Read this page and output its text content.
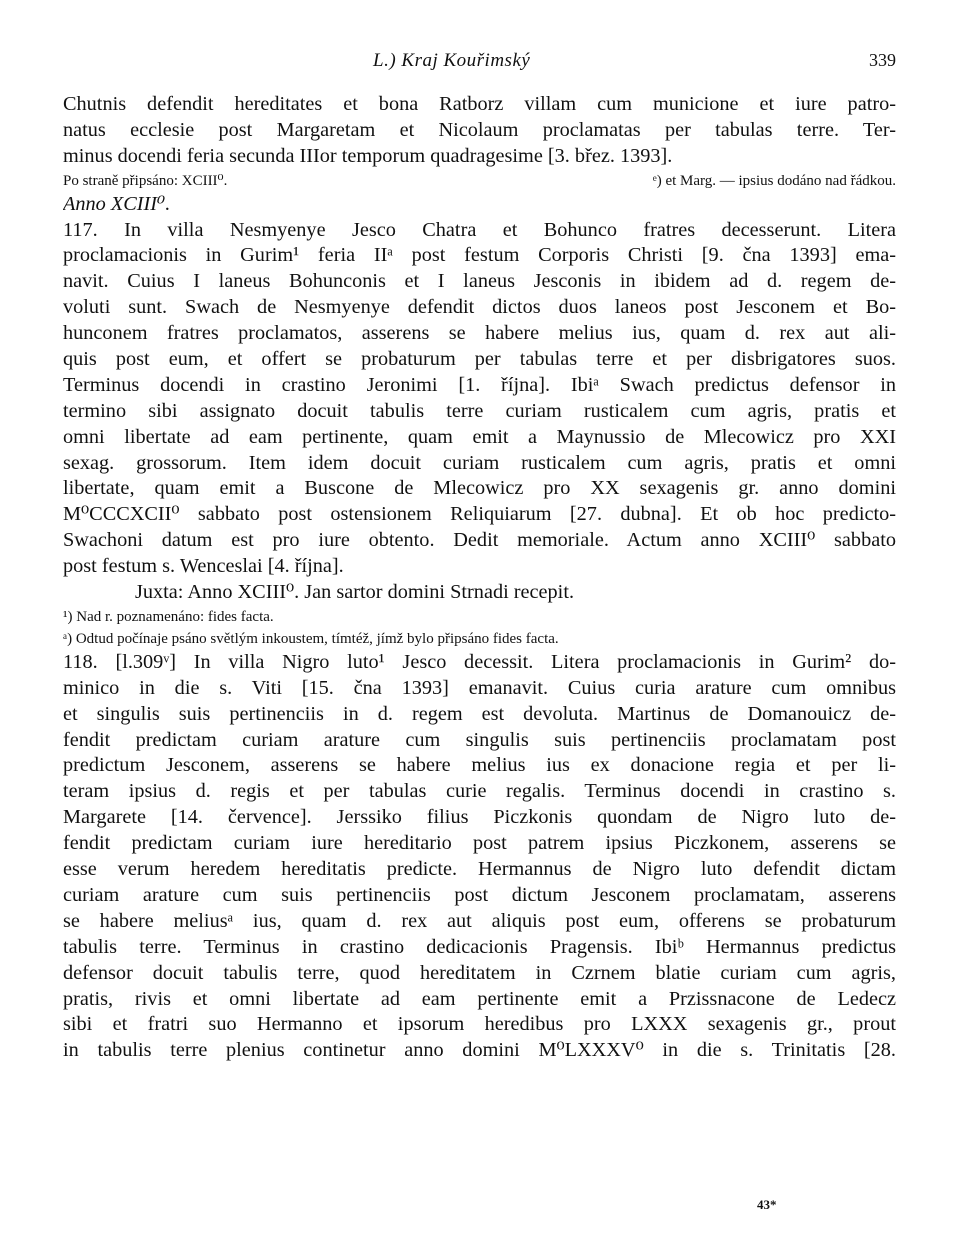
L.) Kraj Kouřimský	339
Chutnis defendit hereditates et bona Ratborz villam cum municione et iure patro-
natus ecclesie post Margaretam et Nicolaum proclamatas per tabulas terre. Ter-
minus docendi feria secunda IIIor temporum quadragesime [3. břez. 1393].
Po straně připsáno: XCIII⁰.	ᵉ) et Marg. — ipsius dodáno nad řádkou.
Anno XCIII⁰.
117. In villa Nesmyenye Jesco Chatra et Bohunco fratres decesserunt. Litera
proclamacionis in Gurim¹ feria IIᵃ post festum Corporis Christi [9. čna 1393] ema-
navit. Cuius I laneus Bohunconis et I laneus Jesconis in ibidem ad d. regem de-
voluti sunt. Swach de Nesmyenye defendit dictos duos laneos post Jesconem et Bo-
hunconem fratres proclamatos, asserens se habere melius ius, quam d. rex aut ali-
quis post eum, et offert se probaturum per tabulas terre et per disbrigatores suos.
Terminus docendi in crastino Jeronimi [1. října]. Ibiᵃ Swach predictus defensor in
termino sibi assignato docuit tabulis terre curiam rusticalem cum agris, pratis et
omni libertate ad eam pertinente, quam emit a Maynussio de Mlecowicz pro XXI
sexag. grossorum. Item idem docuit curiam rusticalem cum agris, pratis et omni
libertate, quam emit a Buscone de Mlecowicz pro XX sexagenis gr. anno domini
M⁰CCCXCII⁰ sabbato post ostensionem Reliquiarum [27. dubna]. Et ob hoc predicto-
Swachoni datum est pro iure obtento. Dedit memoriale. Actum anno XCIII⁰ sabbato
post festum s. Wenceslai [4. října].
Juxta: Anno XCIII⁰. Jan sartor domini Strnadi recepit.
¹) Nad r. poznamenáno: fides facta.
ᵃ) Odtud počínaje psáno světlým inkoustem, tímtéž, jímž bylo připsáno fides facta.
118. [l.309ᵛ] In villa Nigro luto¹ Jesco decessit. Litera proclamacionis in Gurim² do-
minico in die s. Viti [15. čna 1393] emanavit. Cuius curia arature cum omnibus
et singulis suis pertinenciis in d. regem est devoluta. Martinus de Domanouicz de-
fendit predictam curiam arature cum singulis suis pertinenciis proclamatam post
predictum Jesconem, asserens se habere melius ius ex donacione regia et per li-
teram ipsius d. regis et per tabulas curie regalis. Terminus docendi in crastino s.
Margarete [14. července]. Jerssiko filius Piczkonis quondam de Nigro luto de-
fendit predictam curiam iure hereditario post patrem ipsius Piczkonem, asserens se
esse verum heredem hereditatis predicte. Hermannus de Nigro luto defendit dictam
curiam arature cum suis pertinenciis post dictum Jesconem proclamatam, asserens
se habere meliusᵃ ius, quam d. rex aut aliquis post eum, offerens se probaturum
tabulis terre. Terminus in crastino dedicacionis Pragensis. Ibiᵇ Hermannus predictus
defensor docuit tabulis terre, quod hereditatem in Czrnem blatie curiam cum agris,
pratis, rivis et omni libertate ad eam pertinente emit a Przissnacone de Ledecz
sibi et fratri suo Hermanno et ipsorum heredibus pro LXXX sexagenis gr., prout
in tabulis terre plenius continetur anno domini M⁰LXXXV⁰ in die s. Trinitatis [28.
43*
